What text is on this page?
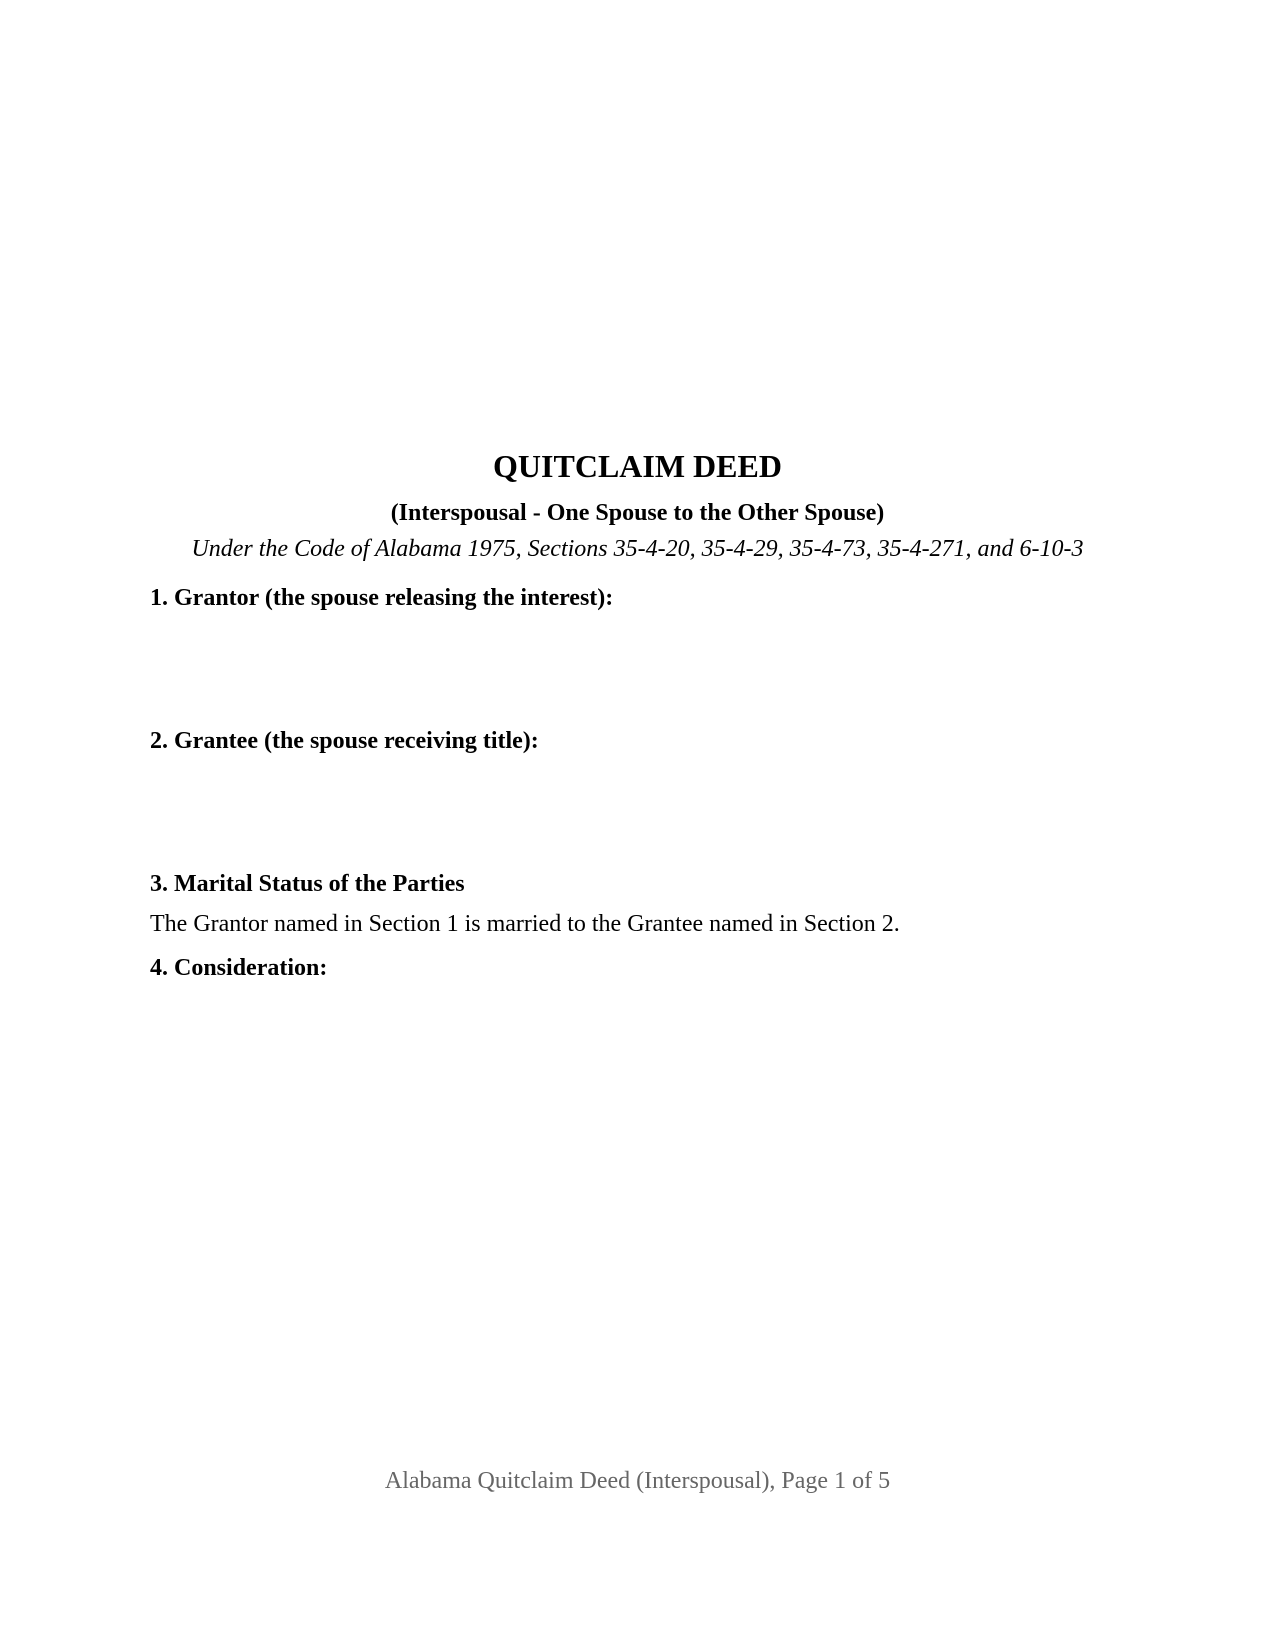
QUITCLAIM DEED
(Interspousal - One Spouse to the Other Spouse)

Under the Code of Alabama 1975, Sections 35-4-20, 35-4-29, 35-4-73, 35-4-271, and 6-10-3

1. Grantor (the spouse releasing the interest):
2. Grantee (the spouse receiving title):
3. Marital Status of the Parties

The Grantor named in Section 1 is married to the Grantee named in Section 2.

4. Consideration:

Alabama Quitclaim Deed (Interspousal), Page 1 of 5
